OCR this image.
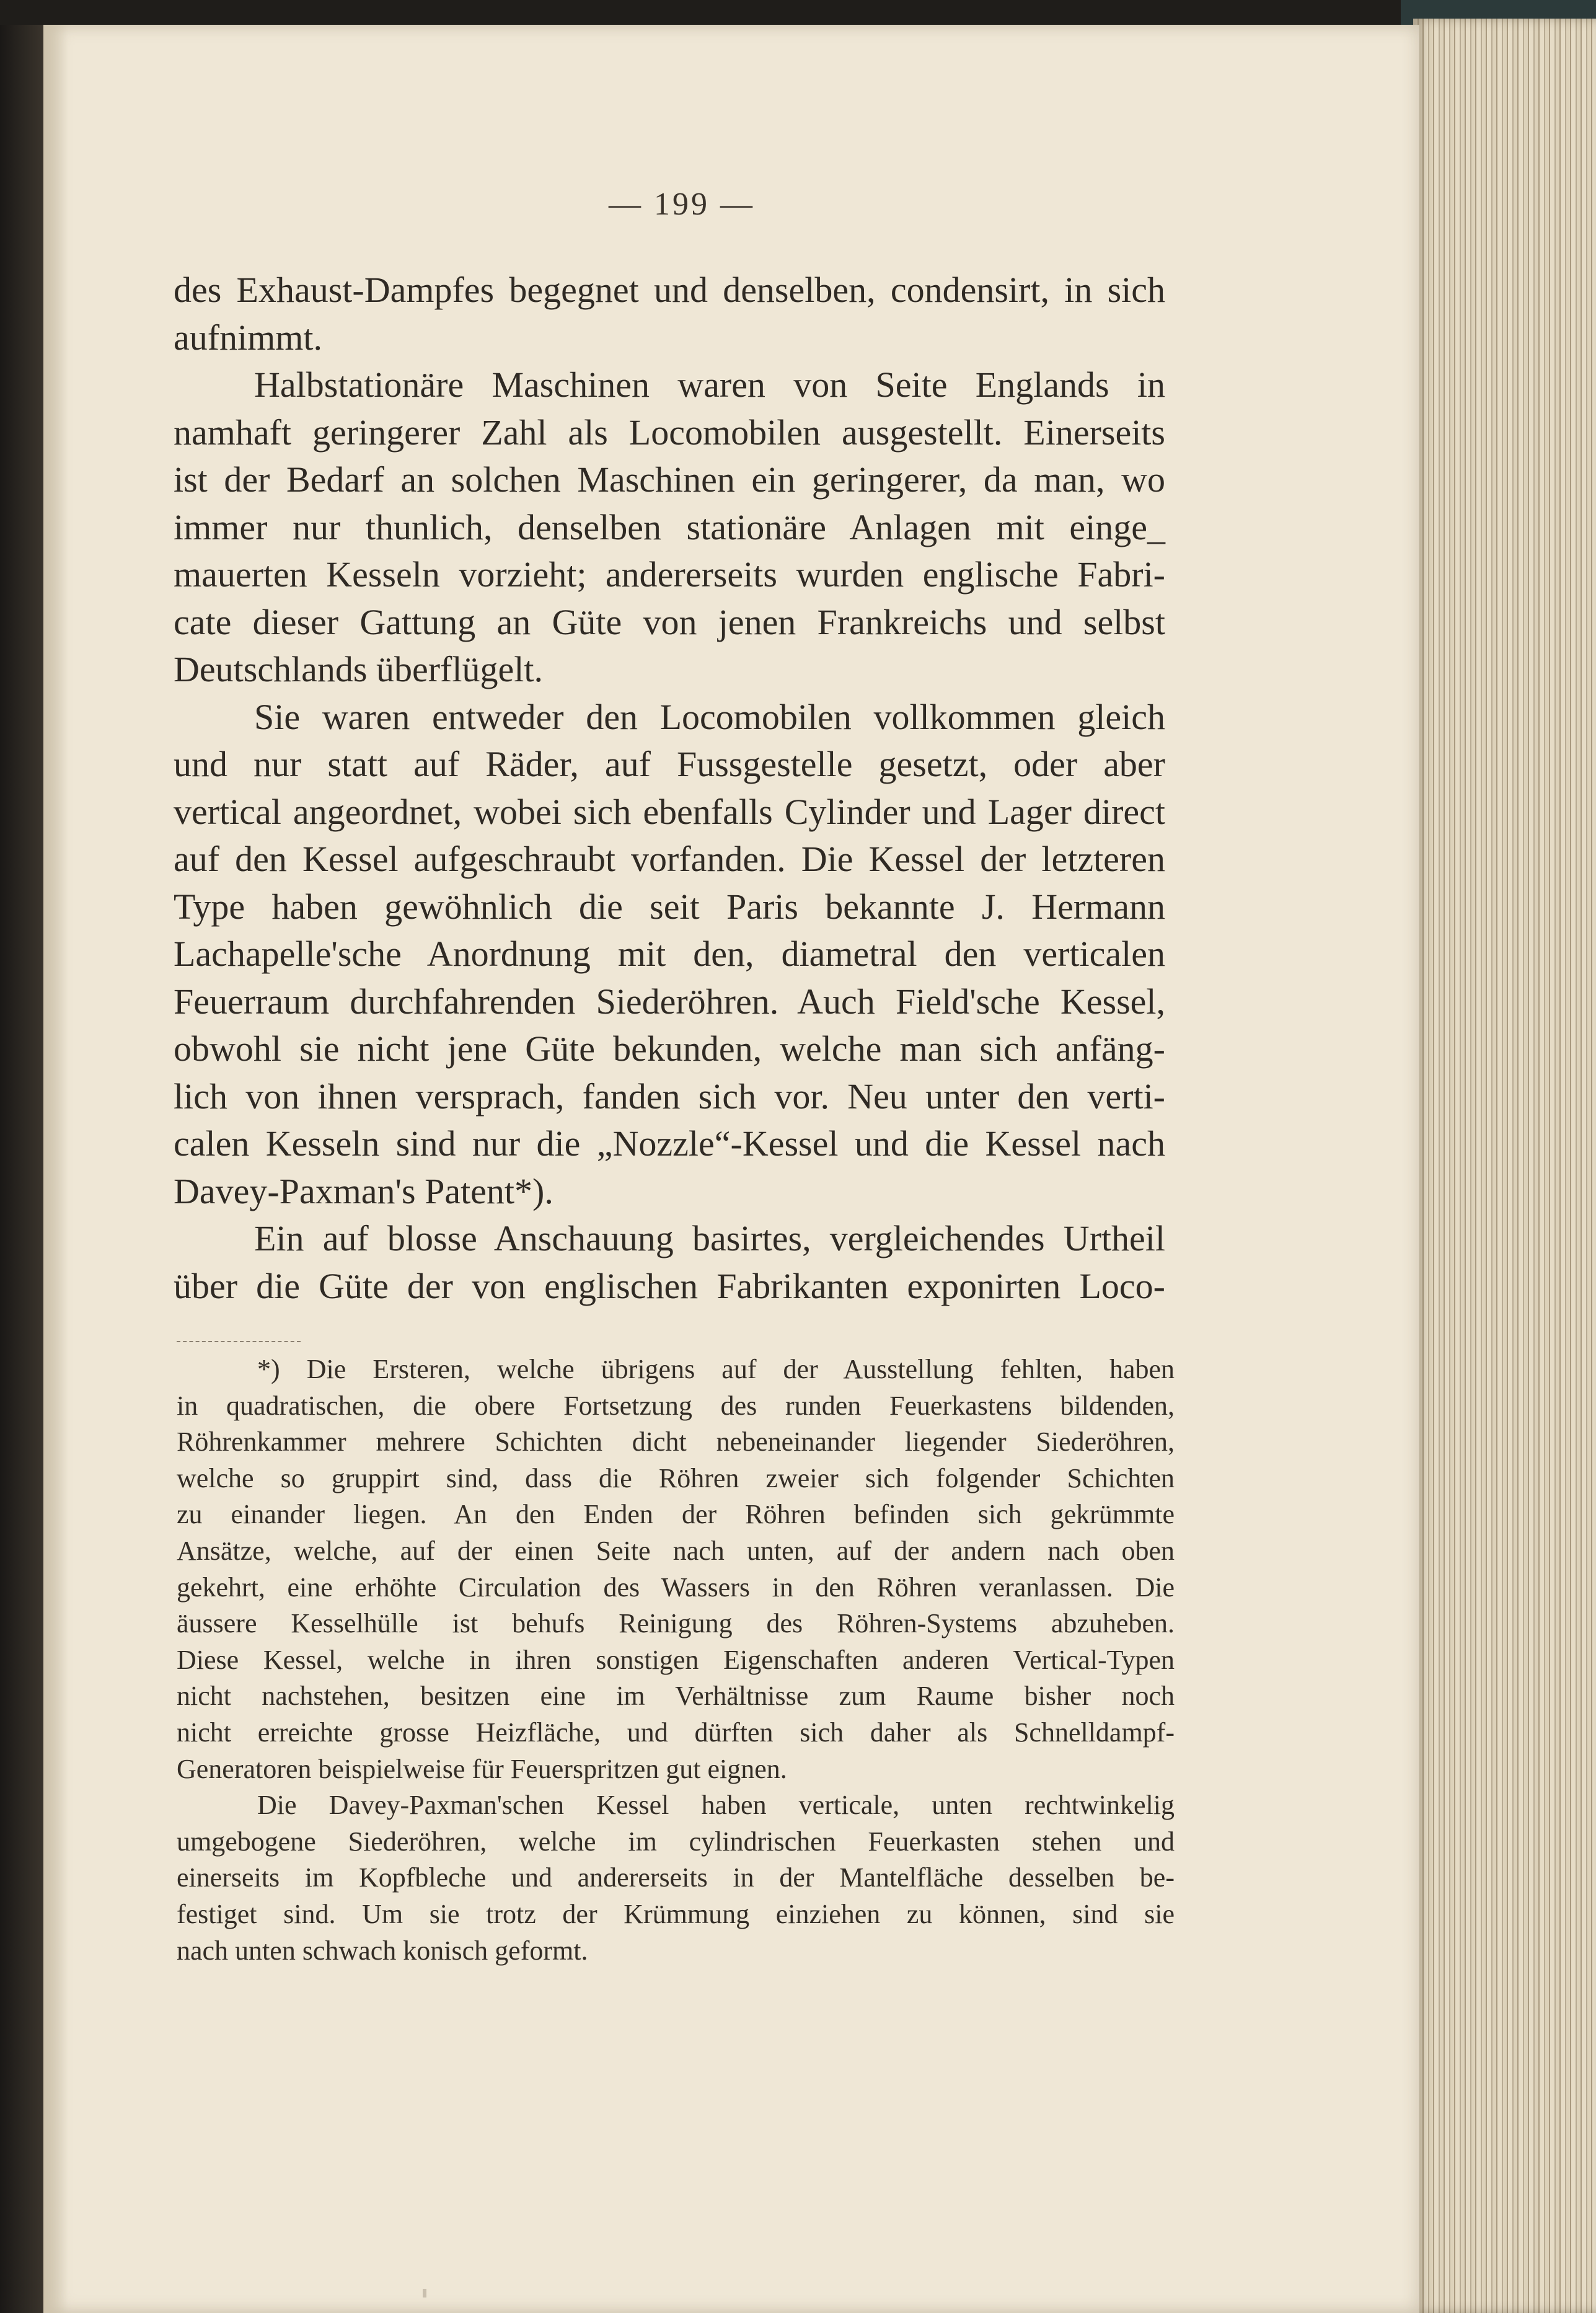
— 199 —
des Exhaust-Dampfes begegnet und denselben, condensirt, in sich
aufnimmt.
Halbstationäre Maschinen waren von Seite Englands in
namhaft geringerer Zahl als Locomobilen ausgestellt. Einerseits
ist der Bedarf an solchen Maschinen ein geringerer, da man, wo
immer nur thunlich, denselben stationäre Anlagen mit einge_
mauerten Kesseln vorzieht; andererseits wurden englische Fabri-
cate dieser Gattung an Güte von jenen Frankreichs und selbst
Deutschlands überflügelt.
Sie waren entweder den Locomobilen vollkommen gleich
und nur statt auf Räder, auf Fussgestelle gesetzt, oder aber
vertical angeordnet, wobei sich ebenfalls Cylinder und Lager direct
auf den Kessel aufgeschraubt vorfanden. Die Kessel der letzteren
Type haben gewöhnlich die seit Paris bekannte J. Hermann
Lachapelle'sche Anordnung mit den, diametral den verticalen
Feuerraum durchfahrenden Siederöhren. Auch Field'sche Kessel,
obwohl sie nicht jene Güte bekunden, welche man sich anfäng-
lich von ihnen versprach, fanden sich vor. Neu unter den verti-
calen Kesseln sind nur die „Nozzle“-Kessel und die Kessel nach
Davey-Paxman's Patent*).
Ein auf blosse Anschauung basirtes, vergleichendes Urtheil
über die Güte der von englischen Fabrikanten exponirten Loco-
*) Die Ersteren, welche übrigens auf der Ausstellung fehlten, haben
in quadratischen, die obere Fortsetzung des runden Feuerkastens bildenden,
Röhrenkammer mehrere Schichten dicht nebeneinander liegender Siederöhren,
welche so gruppirt sind, dass die Röhren zweier sich folgender Schichten
zu einander liegen. An den Enden der Röhren befinden sich gekrümmte
Ansätze, welche, auf der einen Seite nach unten, auf der andern nach oben
gekehrt, eine erhöhte Circulation des Wassers in den Röhren veranlassen. Die
äussere Kesselhülle ist behufs Reinigung des Röhren-Systems abzuheben.
Diese Kessel, welche in ihren sonstigen Eigenschaften anderen Vertical-Typen
nicht nachstehen, besitzen eine im Verhältnisse zum Raume bisher noch
nicht erreichte grosse Heizfläche, und dürften sich daher als Schnelldampf-
Generatoren beispielweise für Feuerspritzen gut eignen.
Die Davey-Paxman'schen Kessel haben verticale, unten rechtwinkelig
umgebogene Siederöhren, welche im cylindrischen Feuerkasten stehen und
einerseits im Kopfbleche und andererseits in der Mantelfläche desselben be-
festiget sind. Um sie trotz der Krümmung einziehen zu können, sind sie
nach unten schwach konisch geformt.
